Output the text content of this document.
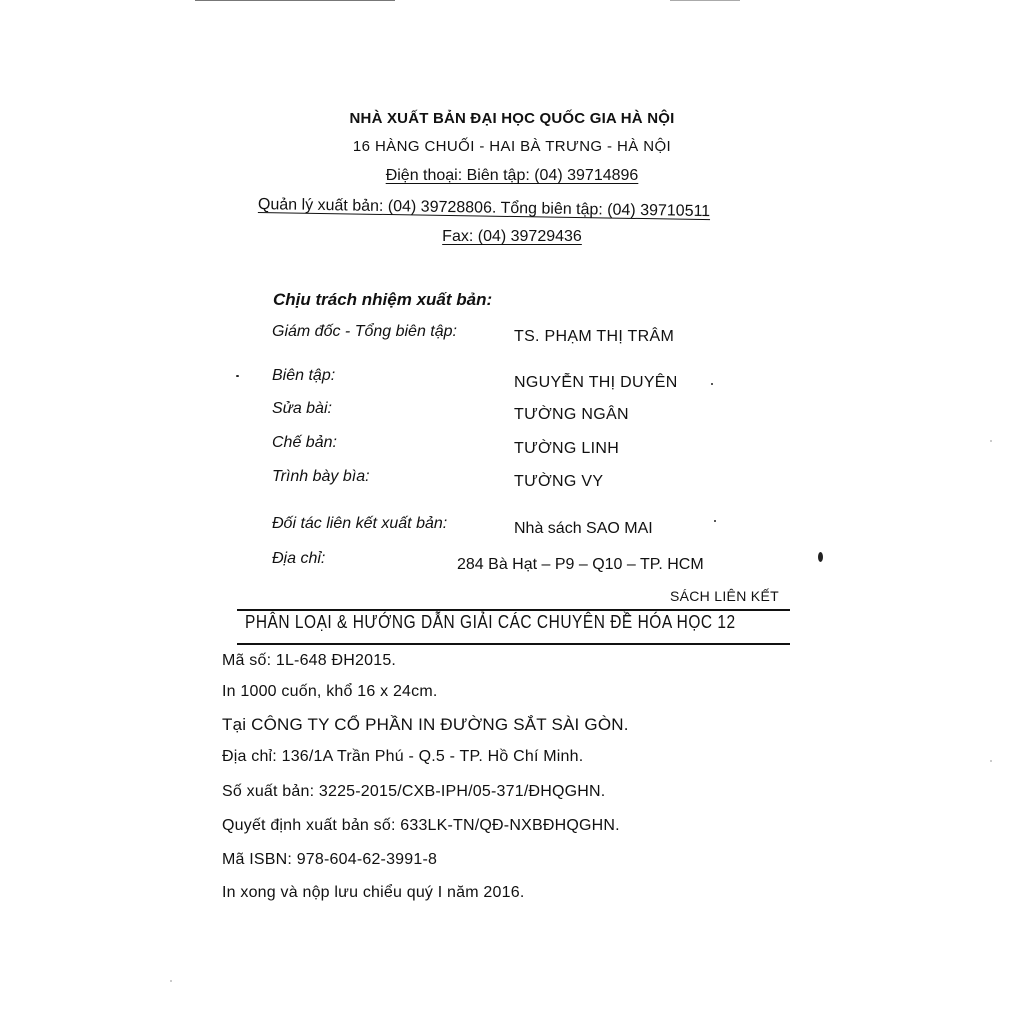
NHÀ XUẤT BẢN ĐẠI HỌC QUỐC GIA HÀ NỘI
16 HÀNG CHUỐI - HAI BÀ TRƯNG - HÀ NỘI
Điện thoại: Biên tập: (04) 39714896
Quản lý xuất bản: (04) 39728806. Tổng biên tập: (04) 39710511
Fax: (04) 39729436
Chịu trách nhiệm xuất bản:
Giám đốc - Tổng biên tập:	TS. PHẠM THỊ TRÂM
Biên tập:	NGUYỄN THỊ DUYÊN
Sửa bài:	TƯỜNG NGÂN
Chế bản:	TƯỜNG LINH
Trình bày bìa:	TƯỜNG VY
Đối tác liên kết xuất bản:	Nhà sách SAO MAI
Địa chỉ:	284 Bà Hạt – P9 – Q10 – TP. HCM
SÁCH LIÊN KẾT
PHÂN LOẠI & HƯỚNG DẪN GIẢI CÁC CHUYÊN ĐỀ HÓA HỌC 12
Mã số: 1L-648 ĐH2015.
In 1000 cuốn, khổ 16 x 24cm.
Tại CÔNG TY CỔ PHẦN IN ĐƯỜNG SẮT SÀI GÒN.
Địa chỉ: 136/1A Trần Phú - Q.5 - TP. Hồ Chí Minh.
Số xuất bản: 3225-2015/CXB-IPH/05-371/ĐHQGHN.
Quyết định xuất bản số: 633LK-TN/QĐ-NXBĐHQGHN.
Mã ISBN: 978-604-62-3991-8
In xong và nộp lưu chiểu quý I năm 2016.
